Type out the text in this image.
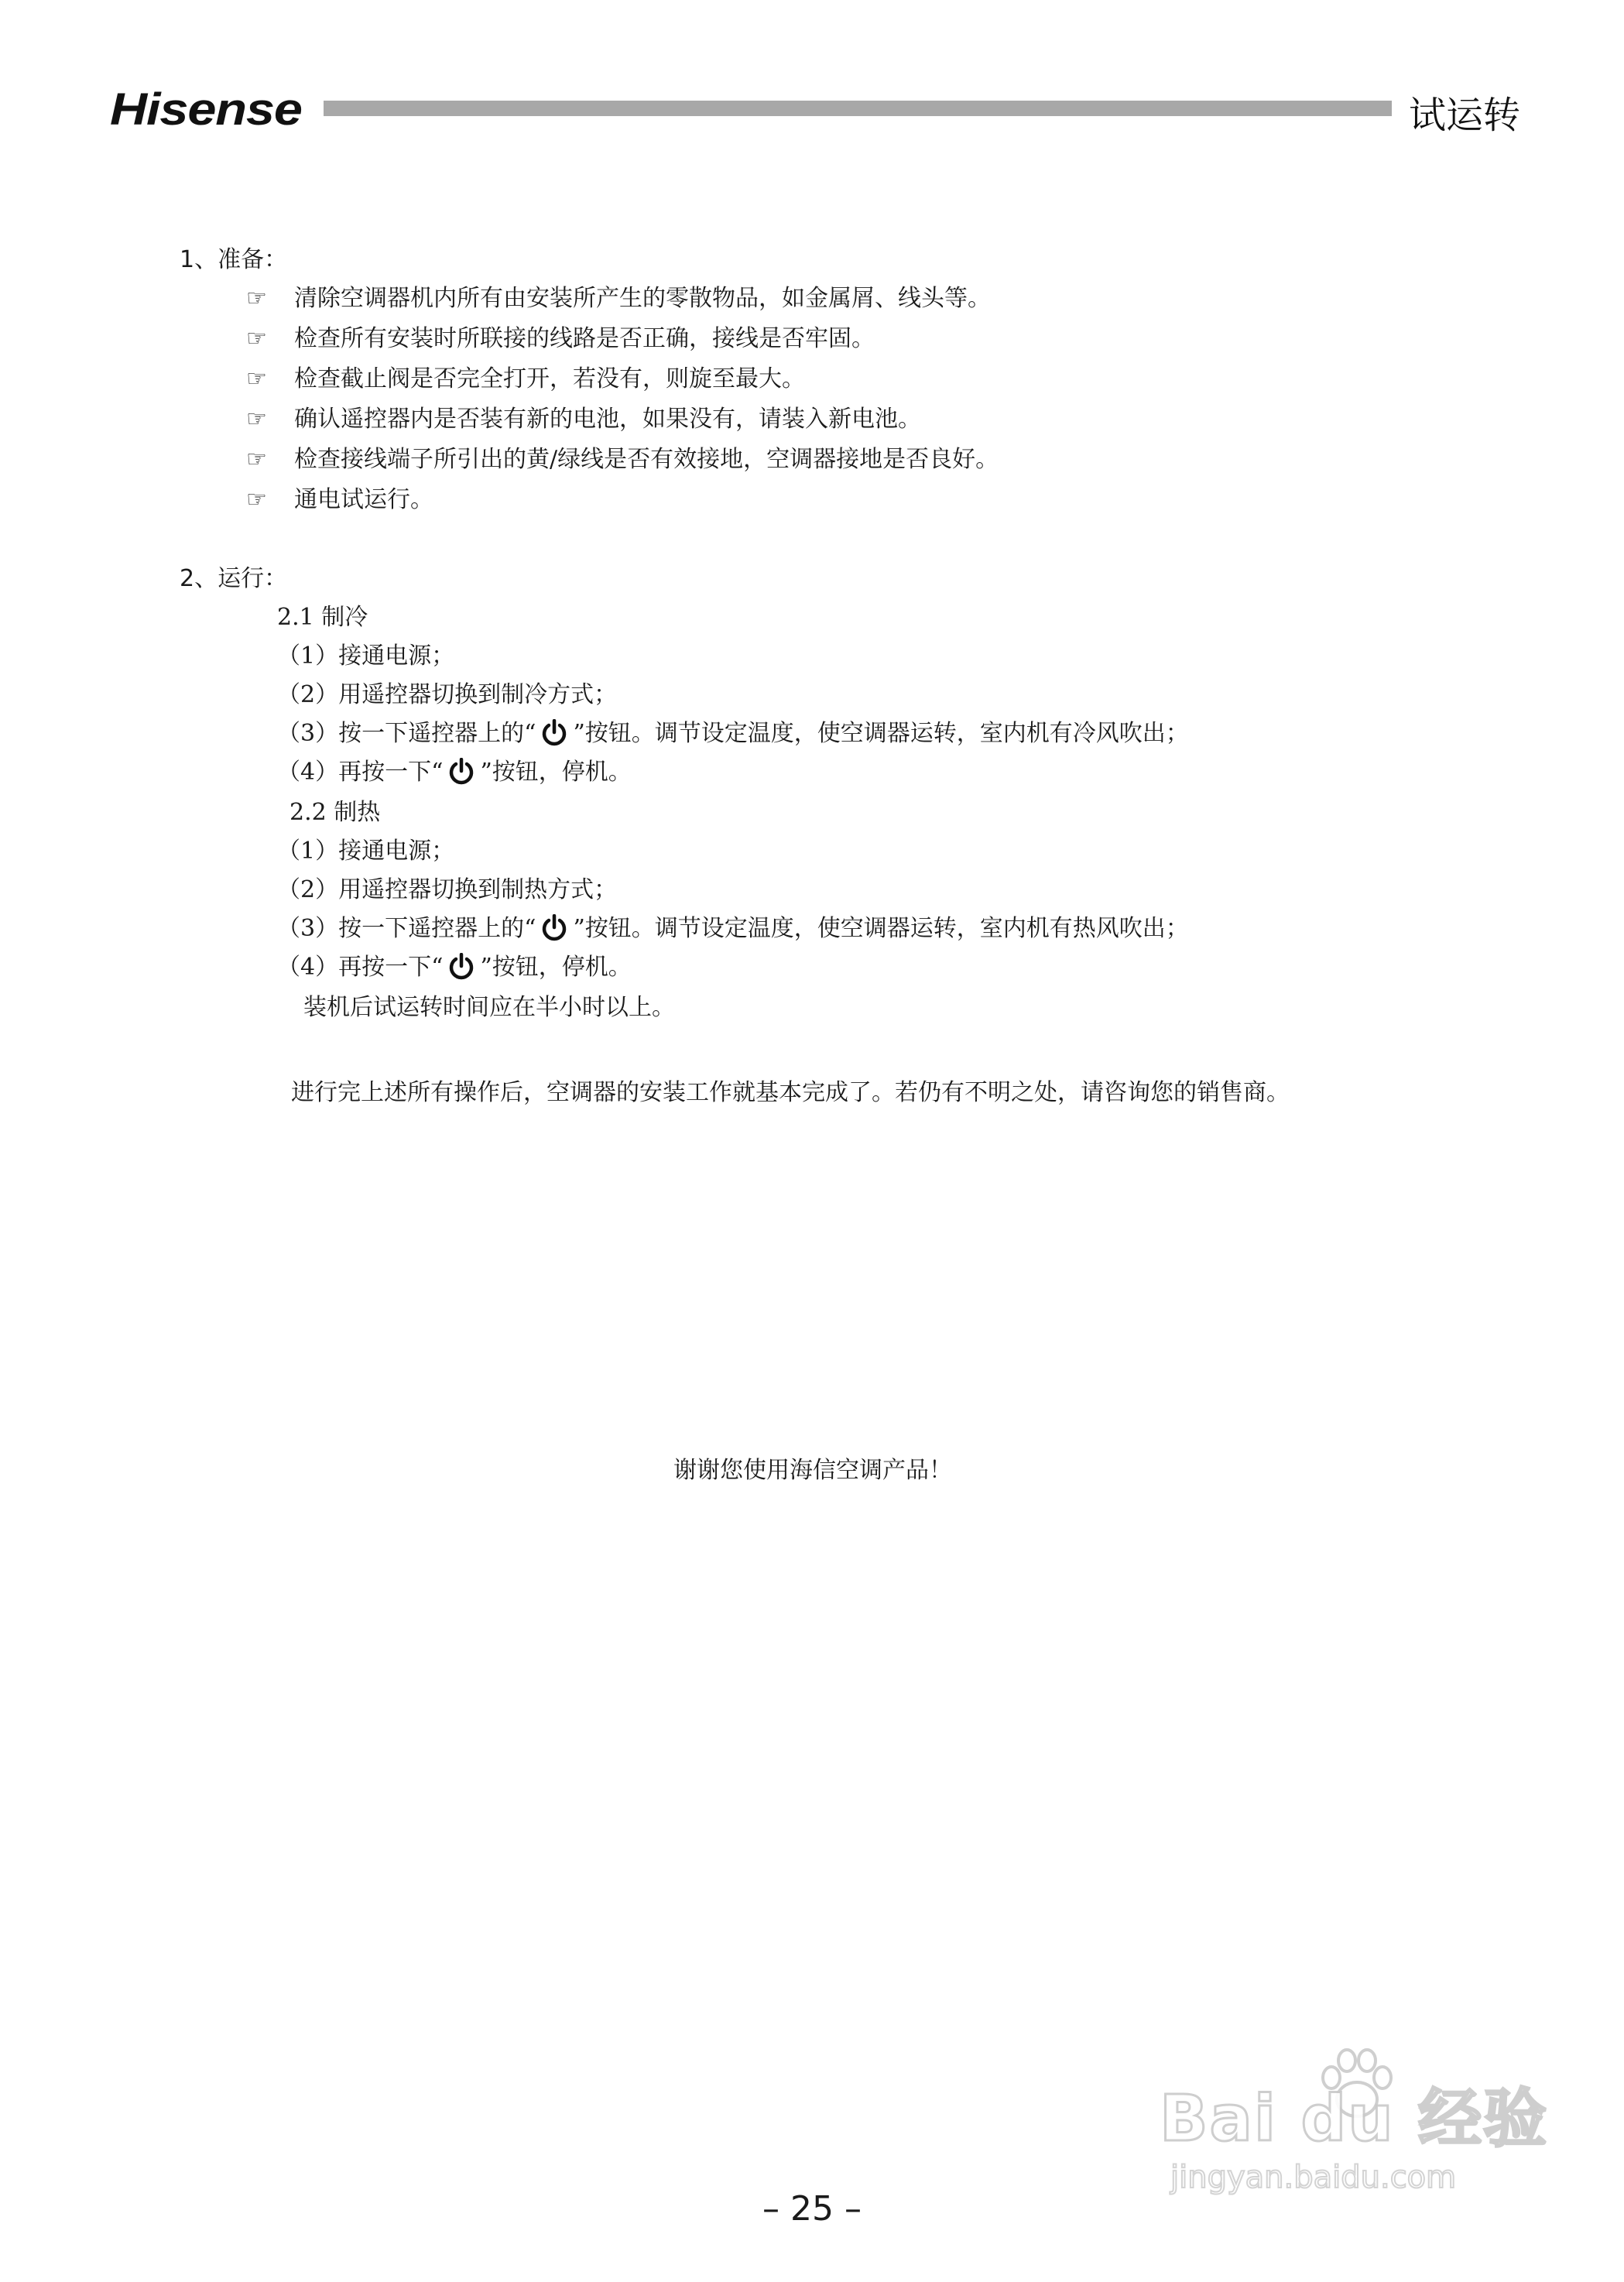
Hisense	试运转
1、准备：
☞ 清除空调器机内所有由安装所产生的零散物品，如金属屑、线头等。
☞ 检查所有安装时所联接的线路是否正确，接线是否牢固。
☞ 检查截止阀是否完全打开，若没有，则旋至最大。
☞ 确认遥控器内是否装有新的电池，如果没有，请装入新电池。
☞ 检查接线端子所引出的黄/绿线是否有效接地，空调器接地是否良好。
☞ 通电试运行。
2、运行：
2.1 制冷
（1）接通电源；
（2）用遥控器切换到制冷方式；
（3）按一下遥控器上的“ ”按钮。调节设定温度，使空调器运转，室内机有冷风吹出；
（4）再按一下“ ”按钮，停机。
2.2 制热
（1）接通电源；
（2）用遥控器切换到制热方式；
（3）按一下遥控器上的“ ”按钮。调节设定温度，使空调器运转，室内机有热风吹出；
（4）再按一下“ ”按钮，停机。
装机后试运转时间应在半小时以上。
进行完上述所有操作后，空调器的安装工作就基本完成了。若仍有不明之处，请咨询您的销售商。
谢谢您使用海信空调产品！
Bai du 经验
jingyan.baidu.com
– 25 –
